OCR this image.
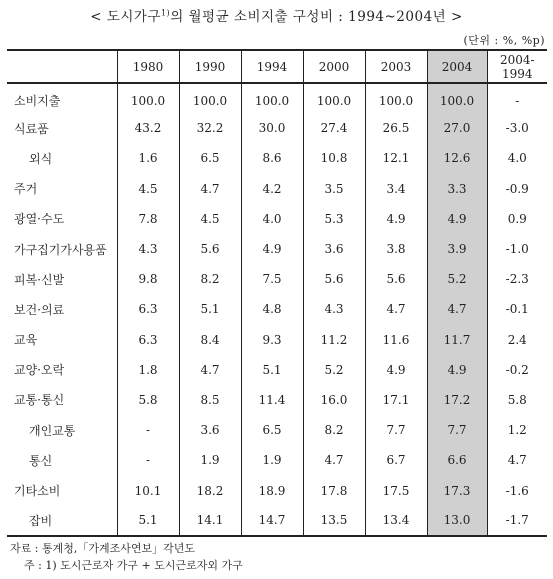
< 도시가구$^{1)}$의 월평균 소비지출 구성비 : 1994~2004년 >
(단위 : %, %p)
	1980	1990	1994	2000	2003	2004	2004-1994
소비지출	100.0	100.0	100.0	100.0	100.0	100.0	-
식료품	43.2	32.2	30.0	27.4	26.5	27.0	-3.0
외식	1.6	6.5	8.6	10.8	12.1	12.6	4.0
주거	4.5	4.7	4.2	3.5	3.4	3.3	-0.9
광열·수도	7.8	4.5	4.0	5.3	4.9	4.9	0.9
가구집기가사용품	4.3	5.6	4.9	3.6	3.8	3.9	-1.0
피복·신발	9.8	8.2	7.5	5.6	5.6	5.2	-2.3
보건·의료	6.3	5.1	4.8	4.3	4.7	4.7	-0.1
교육	6.3	8.4	9.3	11.2	11.6	11.7	2.4
교양·오락	1.8	4.7	5.1	5.2	4.9	4.9	-0.2
교통·통신	5.8	8.5	11.4	16.0	17.1	17.2	5.8
개인교통	-	3.6	6.5	8.2	7.7	7.7	1.2
통신	-	1.9	1.9	4.7	6.7	6.6	4.7
기타소비	10.1	18.2	18.9	17.8	17.5	17.3	-1.6
잡비	5.1	14.1	14.7	13.5	13.4	13.0	-1.7
자료 : 통계청,「가계조사연보」각년도
주 : 1) 도시근로자 가구 + 도시근로자외 가구
